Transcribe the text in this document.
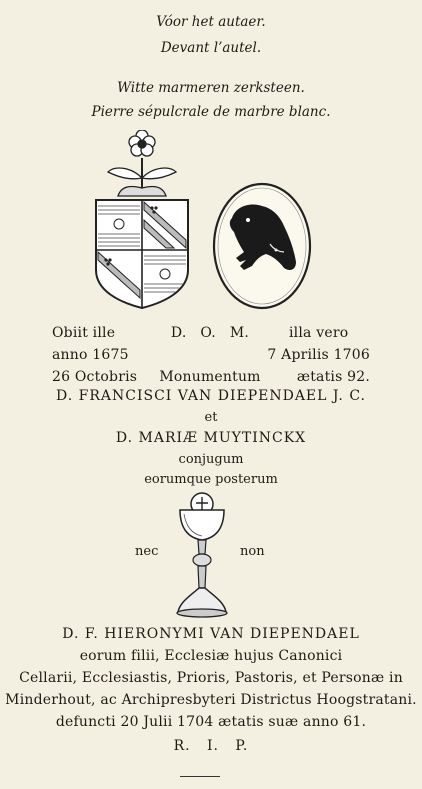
Vóor het autaer.
Devant l’autel.
Witte marmeren zerksteen.
Pierre sépulcrale de marbre blanc.
Obiit ille
anno 1675
26 Octobris
D.   O.   M.

Monumentum
illa vero
7 Aprilis 1706
ætatis 92.
D. FRANCISCI VAN DIEPENDAEL J. C.
et
D. MARIÆ MUYTINCKX
conjugum
eorumque posterum
nec	non
D. F. HIERONYMI VAN DIEPENDAEL
eorum filii, Ecclesiæ hujus Canonici
Cellarii, Ecclesiastis, Prioris, Pastoris, et Personæ in
Minderhout, ac Archipresbyteri Districtus Hoogstratani.
defuncti 20 Julii 1704 ætatis suæ anno 61.
R.   I.   P.
